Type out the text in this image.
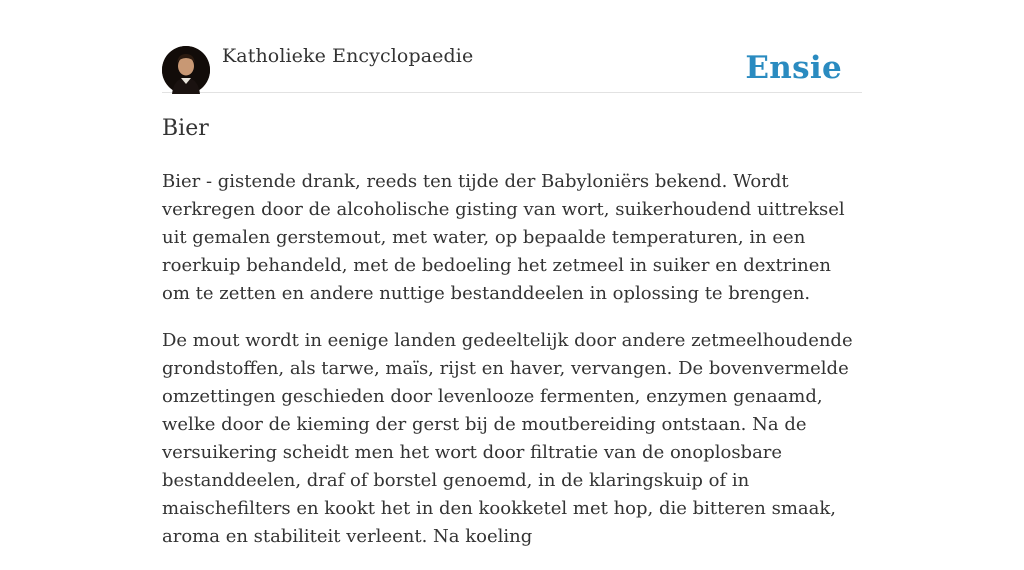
Katholieke Encyclopaedie	Ensie
Bier

Bier - gistende drank, reeds ten tijde der Babyloniërs bekend. Wordt verkregen door de alcoholische gisting van wort, suikerhoudend uittreksel uit gemalen gerstemout, met water, op bepaalde temperaturen, in een roerkuip behandeld, met de bedoeling het zetmeel in suiker en dextrinen om te zetten en andere nuttige bestanddeelen in oplossing te brengen.

De mout wordt in eenige landen gedeeltelijk door andere zetmeelhoudende grondstoffen, als tarwe, maïs, rijst en haver, vervangen. De bovenvermelde omzettingen geschieden door levenlooze fermenten, enzymen genaamd, welke door de kieming der gerst bij de moutbereiding ontstaan. Na de versuikering scheidt men het wort door filtratie van de onoplosbare bestanddeelen, draf of borstel genoemd, in de klaringskuip of in maischefilters en kookt het in den kookketel met hop, die bitteren smaak, aroma en stabiliteit verleent. Na koeling
